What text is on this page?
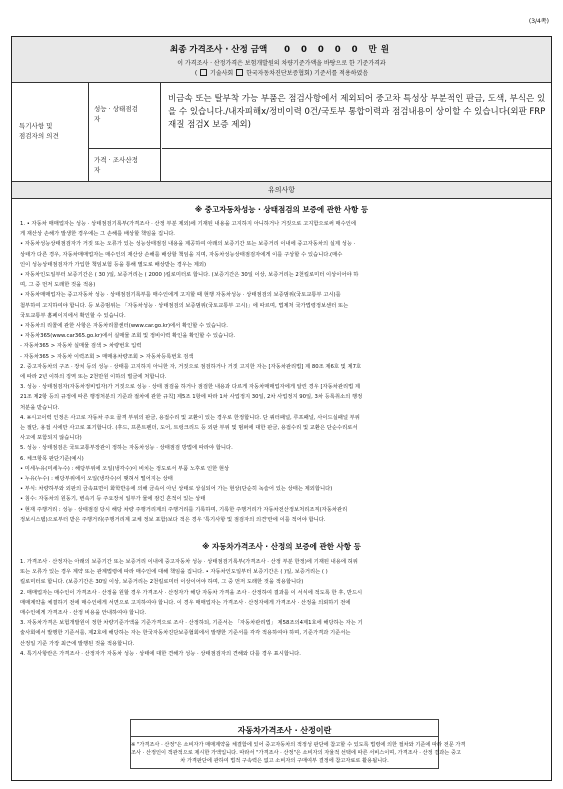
(3/4쪽)
최종 가격조사 · 산정 금액 0 0 0 0 0 만원
이 가격조사 · 산정가격은 보험개발원의 차량기준가액을 바탕으로 한 기준가격과
( 기술사회 한국자동차진단보증협회) 기준서를 적용하였음
특기사항 및
점검자의 의견
성능 · 상태점검
자
비금속 또는 탈부착 가능 부품은 점검사항에서 제외되어 중고차 특성상 부분적인 판금, 도색, 부식은 있을 수 있습니다./내자피해x/정비이력 0건/국토부 통합이력과 점검내용이 상이할 수 있습니다(외판 FRP 재질 점검X 보증 제외)
가격 · 조사산정
자
유의사항
※ 중고자동차성능 · 상태점검의 보증에 관한 사항 등
1. • 자동차 매매업자는 성능 · 상태점검기록부(가격조사 · 산정 부분 제외)에 기재된 내용을 고지하지 아니하거나 거짓으로 고지함으로써 매수인에
게 재산상 손해가 발생한 경우에는 그 손해를 배상할 책임을 집니다.
• 자동차성능상태점검자가 거짓 또는 오류가 있는 성능상태점검 내용을 제공하여 아래의 보증기간 또는 보증거리 이내에 중고자동차의 실제 성능 ·
상태가 다른 경우, 자동차매매업자는 매수인의 재산상 손해를 배상할 책임을 지며, 자동차성능상태점검자에게 이를 구상할 수 있습니다.(매수
인이 성능상태점검자가 가입한 책임보험 등을 통해 별도로 배상받는 경우는 제외)
• 자동차인도일부터 보증기간은 ( 30 )일, 보증거리는 ( 2000 )킬로미터로 합니다. (보증기간은 30일 이상, 보증거리는 2천킬로미터 이상이어야 하
며, 그 중 먼저 도래한 것을 적용)
• 자동차매매업자는 중고자동차 성능 · 상태점검기록부를 매수인에게 고지할 때 현행 자동차성능 · 상태점검의 보증범위(국토교통부 고시)를
첨부하여 고지하여야 합니다. 등 보증범위는 「자동차성능 · 상태점검의 보증범위(국토교통부 고시)」에 따르며, 법제처 국가법령정보센터 또는
국토교통부 홈페이지에서 확인할 수 있습니다.
• 자동차의 리콜에 관한 사항은 자동차리콜센터(www.car.go.kr)에서 확인할 수 있습니다.
• 자동차365(www.car365.go.kr)에서 실매물 조회 및 정비이력 확인을 확인할 수 있습니다.
- 자동차365 > 자동차 실매물 검색 > 차량번호 입력
- 자동차365 > 자동차 이력조회 > 매매용차량조회 > 자동차등록번호 검색
2. 중고자동차의 구조 · 장치 등의 성능 · 상태를 고지하지 아니한 자, 거짓으로 점검하거나 거짓 고지한 자는 [자동차관리법] 제 80조 제6호 및 제7호
에 따라 2년 이하의 징역 또는 2천만원 이하의 벌금에 처합니다.
3. 성능 · 상태점검자(자동차정비업자)가 거짓으로 성능 · 상태 점검을 하거나 점검한 내용과 다르게 자동차매매업자에게 알린 경우 [자동차관리법 제
21조 제2항 등의 규정에 따른 행정처분의 기준과 절차에 관한 규칙] 제5조 1항에 따라 1차 사업정지 30일, 2차 사업정지 90일, 3차 등록취소의 행정
처분을 받습니다.
4. ※시고이력 인정은 사고로 자동차 주요 골격 부위의 판금, 용접수리 및 교환이 있는 경우로 한정합니다. 단 쿼터패널, 루프패널, 사이드실패널 부위
는 절단, 용접 시에만 사고로 표기합니다. (후드, 프론트펜더, 도어, 트렁크리드 등 외판 부위 및 범퍼에 대한 판금, 용접수리 및 교환은 단순수리로서
사고에 포함되지 않습니다)
5. 성능 · 상태점검은 국토교통부장관이 정하는 자동차성능 · 상태점검 방법에 따라야 합니다.
6. 체크항목 판단기준(예시)
• 미세누유(미세누수) : 해당부위에 오일(냉각수)이 비치는 정도로서 부품 노후로 인한 현상
• 누유(누수) : 해당부위에서 오일(냉각수)이 맺혀서 떨어지는 상태
• 부식: 차량하부와 외판의 금속표면이 화학반응에 의해 금속이 아닌 상태로 상실되어 가는 현상(단순히 녹슬어 있는 상태는 제외합니다)
• 침수: 자동차의 원동기, 변속기 등 주요장치 일부가 물에 잠긴 흔적이 있는 상태
• 현재 주행거리 : 성능 · 상태점검 당시 해당 차량 주행거리계의 주행거리를 기록하며, 기록한 주행거리가 자동차전산정보처리조직(자동차관리
정보시스템)으로부터 받은 주행거리(주행거리계 교체 정보 포함)보다 적은 경우 '특기사항 및 점검자의 의견'란에 이를 적어야 합니다.
※ 자동차가격조사 · 산정의 보증에 관한 사항 등
1. 가격조사 · 산정자는 아래의 보증기간 또는 보증거리 이내에 중고자동차 성능 · 상태점검기록부(가격조사 · 산정 부분 한정)에 기재된 내용에 허위
또는 오류가 있는 경우 계약 또는 관계법령에 따라 매수인에 대해 책임을 집니다. • 자동차인도일부터 보증기간은 ( )일, 보증거리는 ( )
킬로미터로 합니다. (보증기간은 30일 이상, 보증거리는 2천킬로미터 이상이어야 하며, 그 중 먼저 도래한 것을 적용합니다)
2. 매매업자는 매수인이 가격조사 · 산정을 원할 경우 가격조사 · 산정자가 해당 자동차 가격을 조사 · 산정하여 결과를 이 서식에 적도록 한 후, 반드시
매매계약을 체결하기 전에 매수인에게 서면으로 고지하여야 합니다. 이 경우 매매업자는 가격조사 · 산정자에게 가격조사 · 산정을 의뢰하기 전에
매수인에게 가격조사 · 산정 비용을 안내하여야 합니다.
3. 자동차가격은 보험개발원이 정한 차량기준가액을 기준가격으로 조사 · 산정하되, 기준서는 「자동차관리법」 제58조의4제1호에 해당하는 자는 기
술사회에서 발행한 기준서를, 제2호에 해당하는 자는 한국자동차진단보증협회에서 발행한 기준서를 각각 적용하여야 하며, 기준가격과 기준서는
산정일 기준 가장 최근에 발행된 것을 적용합니다.
4. 특기사항란은 가격조사 · 산정자가 자동차 성능 · 상태에 대한 견해가 성능 · 상태점검자의 견해와 다를 경우 표시합니다.
자동차가격조사 · 산정이란
※ "가격조사 · 산정"은 소비자가 매매계약을 체결함에 있어 중고자동차의 적정성 판단에 참고할 수 있도록 법령에 의한 절차와 기준에 따라 전문 가격
조사 · 산정인이 객관적으로 제시한 가액입니다. 따라서 "가격조사 · 산정"은 소비자의 자율적 선택에 따른 서비스이며, 가격조사 · 산정 결과는 중고
차 가격판단에 관하여 법적 구속력은 없고 소비자의 구매여부 결정에 참고자료로 활용됩니다.
